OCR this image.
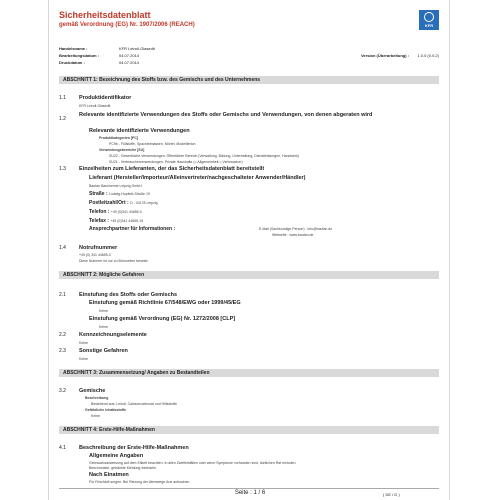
Sicherheitsdatenblatt
gemäß Verordnung (EG) Nr. 1907/2006 (REACH)	KFR
Handelsname :	KFR Leindl-Glasedit
Bearbeitungsdatum :	04.07.2014	Version (Überarbeitung) :	1.0.0 (0.0.2)
Druckdatum :	04.07.2014
ABSCHNITT 1: Bezeichnung des Stoffs bzw. des Gemischs und des Unternehmens
1.1	Produktidentifikator
KFR Leindl-Glasedit
1.2
Relevante identifizierte Verwendungen des Stoffs oder Gemischs und Verwendungen, von denen abgeraten wird
Relevante identifizierte Verwendungen
Produktkategorien [PC]
PC9b - Füllstoffe, Spachtelmassen, Mörtel, Modellierton
Verwendungsbereiche [SU]
SU22 - Gewerbliche Verwendungen: Öffentlicher Bereich (Verwaltung, Bildung, Unterhaltung, Dienstleistungen, Handwerk)
SU21 - Verbraucherverwendungen: Private Haushalte (= Allgemeinheit = Verbraucher)
1.3	Einzelheiten zum Lieferanten, der das Sicherheitsdatenblatt bereitstellt
Lieferant (Hersteller/Importeur/Alleinvertreter/nachgeschalteter Anwender/Händler)
Baufan Bauchemie Leipzig GmbH
Straße : Ludwig-Hupfeld-Straße 19
Postleitzahl/Ort : D - 04178 Leipzig
Telefon : +49 (0)341 44655-0
Telefax : +49 (0)341 44655-19
Ansprechpartner für Informationen :	E-Mail (Sachkundige Person) : info@baufan.de
Webseite : www.baufan.de
1.4	Notrufnummer
+49 (0) 341 44655-0
Diese Nummer ist nur zu Bürozeiten besetzt.
ABSCHNITT 2: Mögliche Gefahren
2.1	Einstufung des Stoffs oder Gemischs
Einstufung gemäß Richtlinie 67/548/EWG oder 1999/45/EG
Keine
Einstufung gemäß Verordnung (EG) Nr. 1272/2008 [CLP]
Keine
2.2	Kennzeichnungselemente
Keine
2.3	Sonstige Gefahren
Keine
ABSCHNITT 3: Zusammensetzung/ Angaben zu Bestandteilen
3.2	Gemische
Beschreibung
Bestehend aus: Leindl, Calciumcarbonat und Hilfsstoffe
Gefährliche Inhaltsstoffe
Keine
ABSCHNITT 4: Erste-Hilfe-Maßnahmen
4.1	Beschreibung der Erste-Hilfe-Maßnahmen
Allgemeine Angaben
Gebrauchsanweisung auf dem Etikett beachten. In allen Zweifelsfällen oder wenn Symptome vorhanden sind, ärztlichen Rat einholen.
Beschmutzte, getränkte Kleidung wechseln.
Nach Einatmen
Für Frischluft sorgen. Bei Reizung der Atemwege Arzt aufsuchen.
Seite : 1 / 6	( DE / D )
